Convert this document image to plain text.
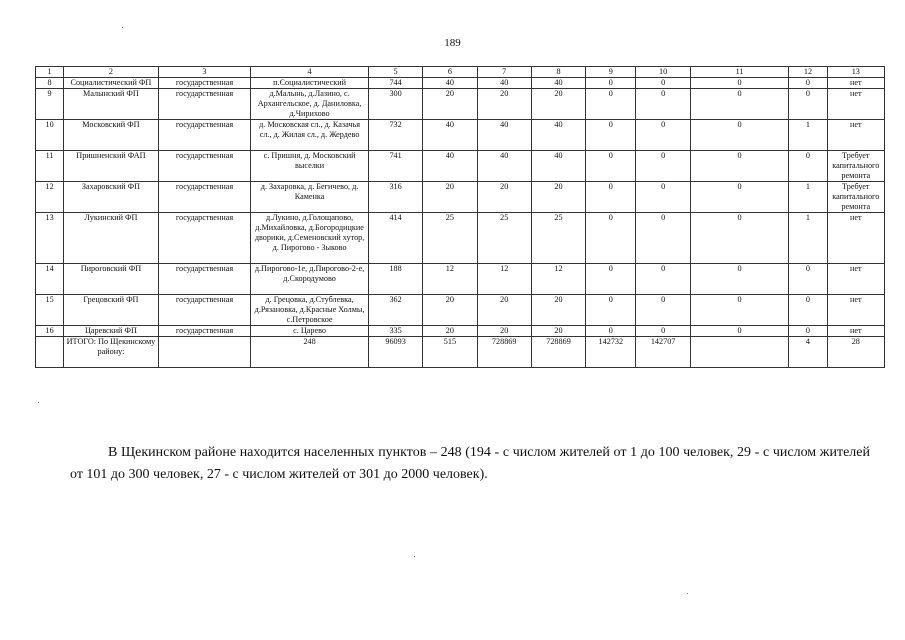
189
1	2	3	4	5	6	7	8	9	10	11	12	13
8	Социалистический ФП	государственная	п.Социалистический	744	40	40	40	0	0	0	0	нет
9	Малынский ФП	государственная	д.Малынь, д.Лазино, с. Архангельское, д. Даниловка, д.Чирихово	300	20	20	20	0	0	0	0	нет
10	Московский ФП	государственная	д. Московская сл., д. Казачья сл., д. Жилая сл., д. Жердево	732	40	40	40	0	0	0	1	нет
11	Пришненский ФАП	государственная	с. Пришня, д. Московский выселки	741	40	40	40	0	0	0	0	Требует капитального ремонта
12	Захаровский ФП	государственная	д. Захаровка, д. Бегичево, д. Каменка	316	20	20	20	0	0	0	1	Требует капитального ремонта
13	Лукинский ФП	государственная	д.Лукино, д.Голощапово, д.Михайловка, д.Богородицкие дворики, д.Семеновский хутор, д. Пироговo - Зыково	414	25	25	25	0	0	0	1	нет
14	Пироговский ФП	государственная	д.Пирогово-1е, д.Пирогово-2-е, д.Скородумово	188	12	12	12	0	0	0	0	нет
15	Грецовский ФП	государственная	д. Грецовка, д.Стублевка, д.Рязановка, д.Красные Холмы, с.Петровское	362	20	20	20	0	0	0	0	нет
16	Царевский ФП	государственная	с. Царево	335	20	20	20	0	0	0	0	нет
	ИТОГО: По Щекинскому району:		248	96093	515	728869	728869	142732	142707		4	28

В Щекинском районе находится населенных пунктов – 248 (194 - с числом жителей от 1 до 100 человек, 29 - с числом жителей от 101 до 300 человек, 27 - с числом жителей от 301 до 2000 человек).
